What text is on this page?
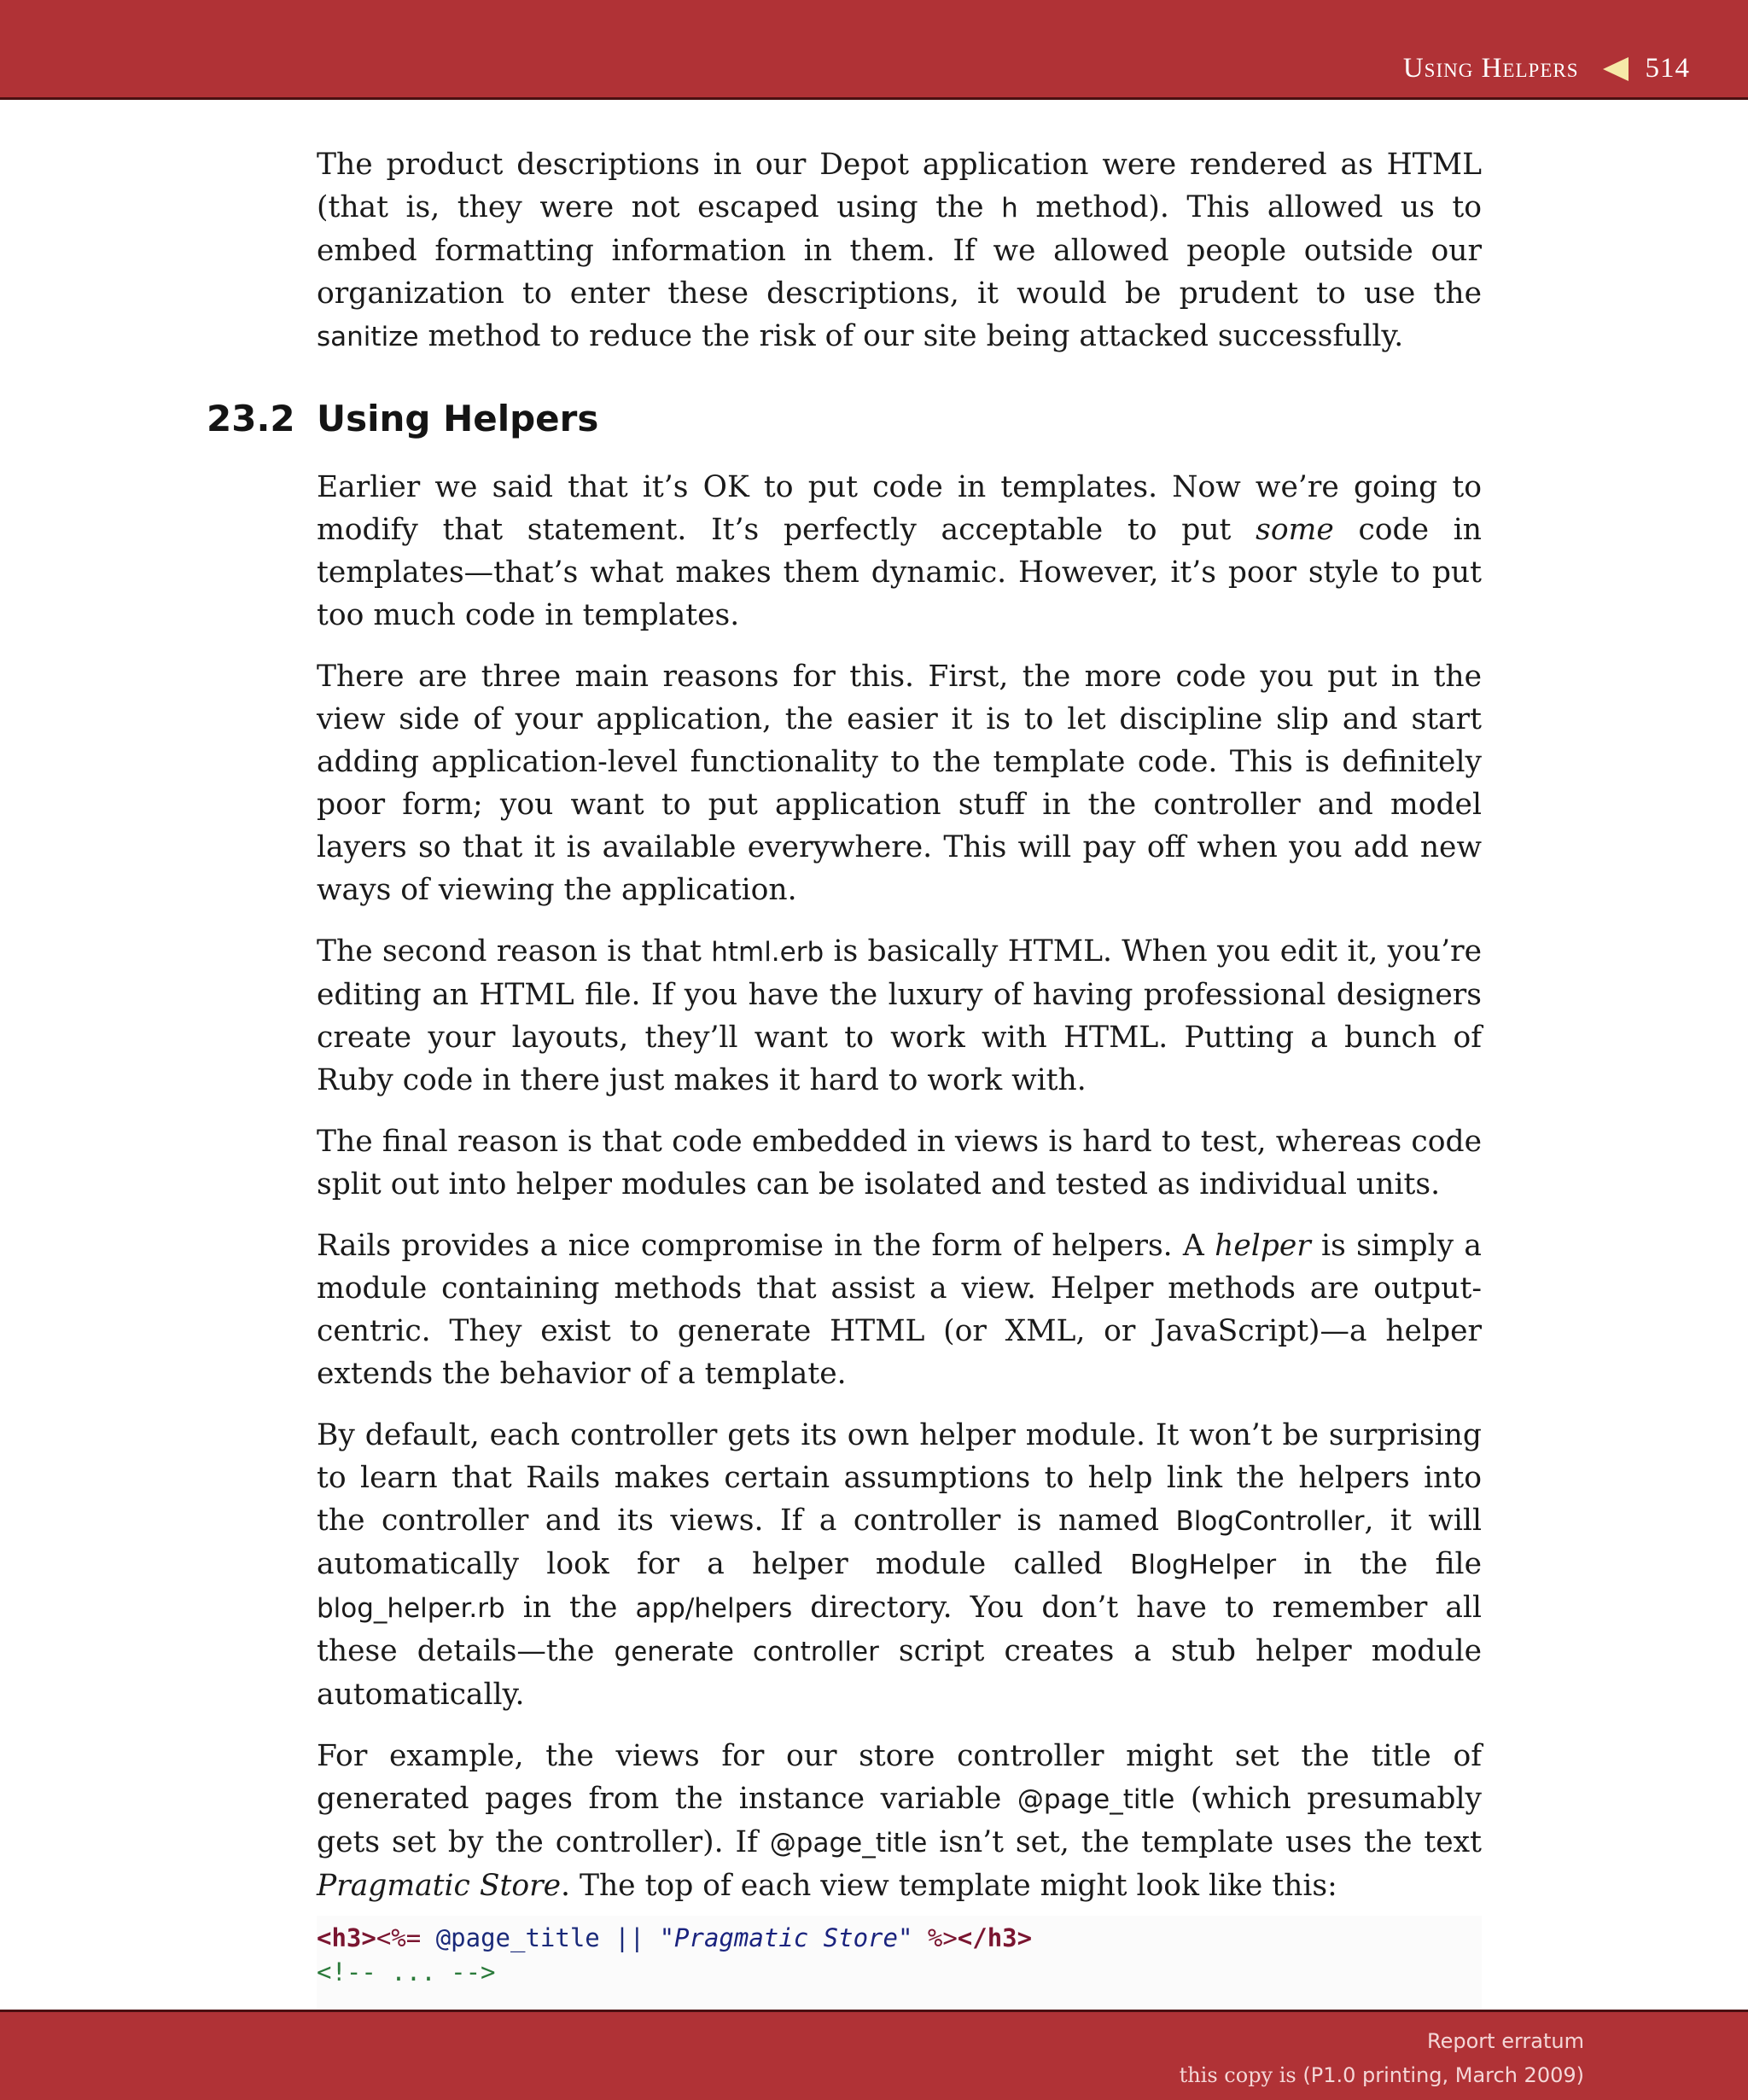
Using Helpers 514

The product descriptions in our Depot application were rendered as HTML (that is, they were not escaped using the h method). This allowed us to embed formatting information in them. If we allowed people outside our organization to enter these descriptions, it would be prudent to use the sanitize method to reduce the risk of our site being attacked successfully.

23.2 Using Helpers

Earlier we said that it’s OK to put code in templates. Now we’re going to modify that statement. It’s perfectly acceptable to put some code in templates—that’s what makes them dynamic. However, it’s poor style to put too much code in templates.

There are three main reasons for this. First, the more code you put in the view side of your application, the easier it is to let discipline slip and start adding application-level functionality to the template code. This is definitely poor form; you want to put application stuff in the controller and model layers so that it is available everywhere. This will pay off when you add new ways of viewing the application.

The second reason is that html.erb is basically HTML. When you edit it, you’re editing an HTML file. If you have the luxury of having professional designers create your layouts, they’ll want to work with HTML. Putting a bunch of Ruby code in there just makes it hard to work with.

The final reason is that code embedded in views is hard to test, whereas code split out into helper modules can be isolated and tested as individual units.

Rails provides a nice compromise in the form of helpers. A helper is simply a module containing methods that assist a view. Helper methods are output-centric. They exist to generate HTML (or XML, or JavaScript)—a helper extends the behavior of a template.

By default, each controller gets its own helper module. It won’t be surprising to learn that Rails makes certain assumptions to help link the helpers into the controller and its views. If a controller is named BlogController, it will automatically look for a helper module called BlogHelper in the file blog_helper.rb in the app/helpers directory. You don’t have to remember all these details—the generate controller script creates a stub helper module automatically.

For example, the views for our store controller might set the title of generated pages from the instance variable @page_title (which presumably gets set by the controller). If @page_title isn’t set, the template uses the text Pragmatic Store. The top of each view template might look like this:

<h3><%= @page_title || "Pragmatic Store" %></h3>
<!-- ... -->
Report erratum
this copy is (P1.0 printing, March 2009)
